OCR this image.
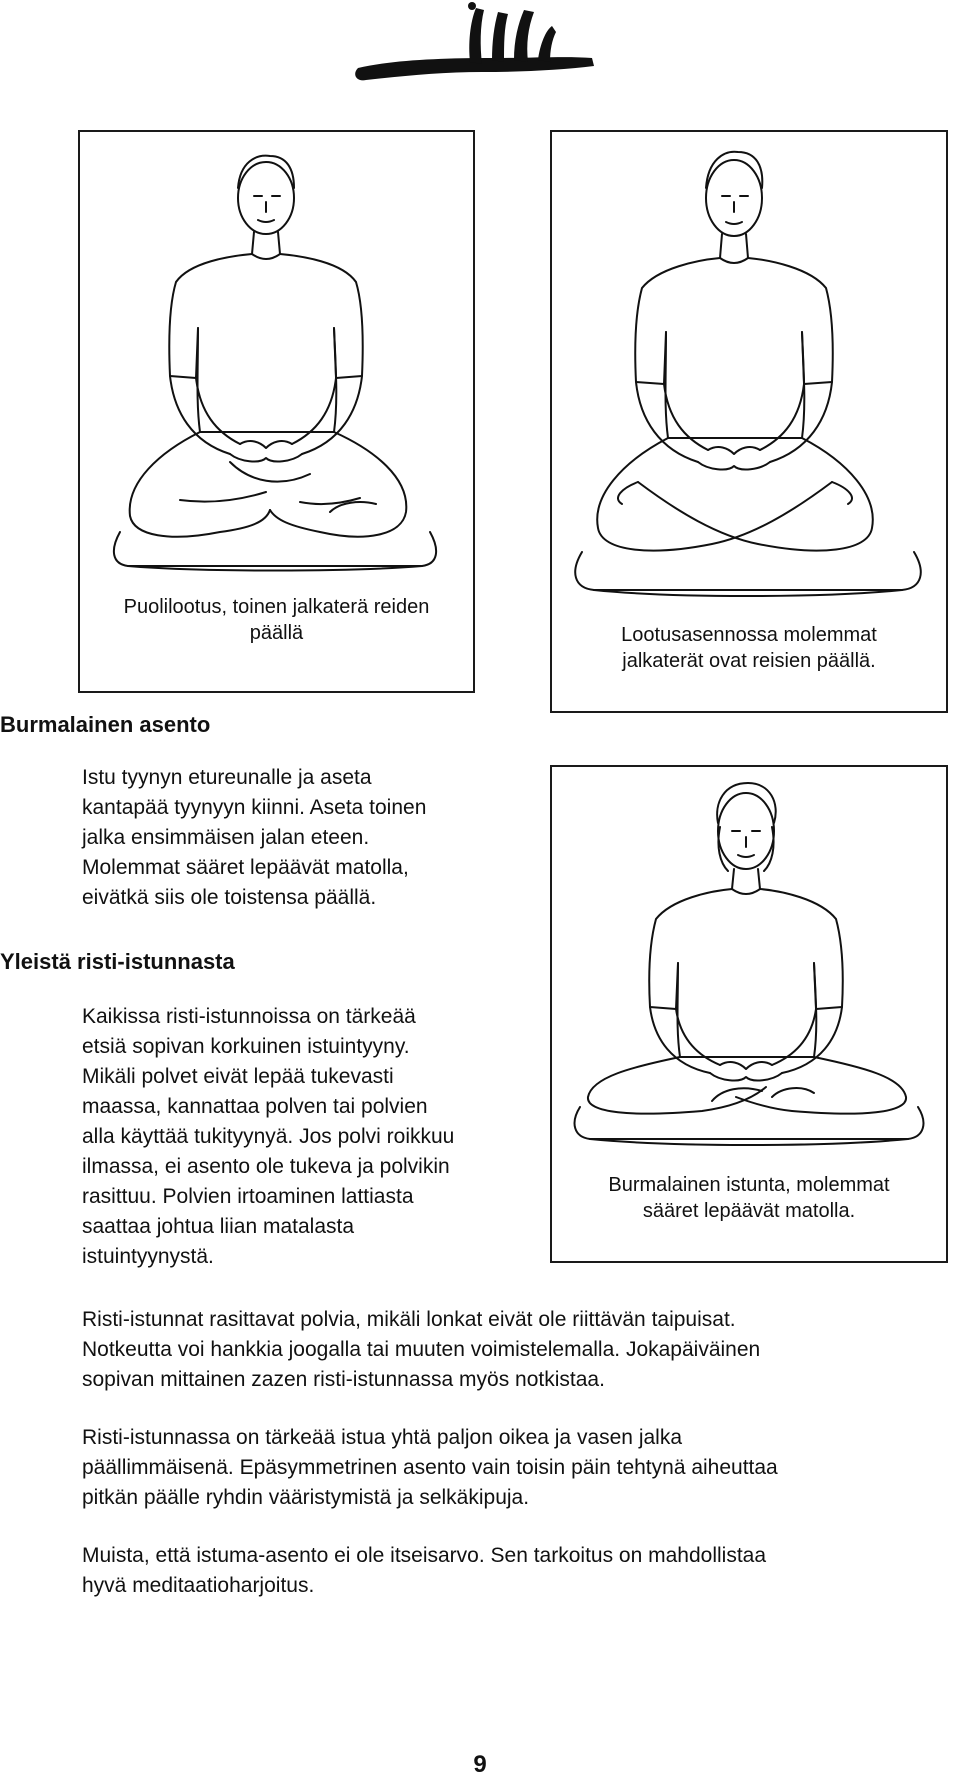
Puolilootus, toinen jalkaterä reiden
päällä	Lootusasennossa molemmat
jalkaterät ovat reisien päällä.
Burmalainen istunta, molemmat
sääret lepäävät matolla.
Burmalainen asento
Istu tyynyn etureunalle ja aseta
kantapää tyynyyn kiinni. Aseta toinen
jalka ensimmäisen jalan eteen.
Molemmat sääret lepäävät matolla,
eivätkä siis ole toistensa päällä.
Yleistä risti-istunnasta
Kaikissa risti-istunnoissa on tärkeää
etsiä sopivan korkuinen istuintyyny.
Mikäli polvet eivät lepää tukevasti
maassa, kannattaa polven tai polvien
alla käyttää tukityynyä. Jos polvi roikkuu
ilmassa, ei asento ole tukeva ja polvikin
rasittuu. Polvien irtoaminen lattiasta
saattaa johtua liian matalasta
istuintyynystä.
Risti-istunnat rasittavat polvia, mikäli lonkat eivät ole riittävän taipuisat.
Notkeutta voi hankkia joogalla tai muuten voimistelemalla. Jokapäiväinen
sopivan mittainen zazen risti-istunnassa myös notkistaa.
Risti-istunnassa on tärkeää istua yhtä paljon oikea ja vasen jalka
päällimmäisenä. Epäsymmetrinen asento vain toisin päin tehtynä aiheuttaa
pitkän päälle ryhdin vääristymistä ja selkäkipuja.
Muista, että istuma-asento ei ole itseisarvo. Sen tarkoitus on mahdollistaa
hyvä meditaatioharjoitus.
9
